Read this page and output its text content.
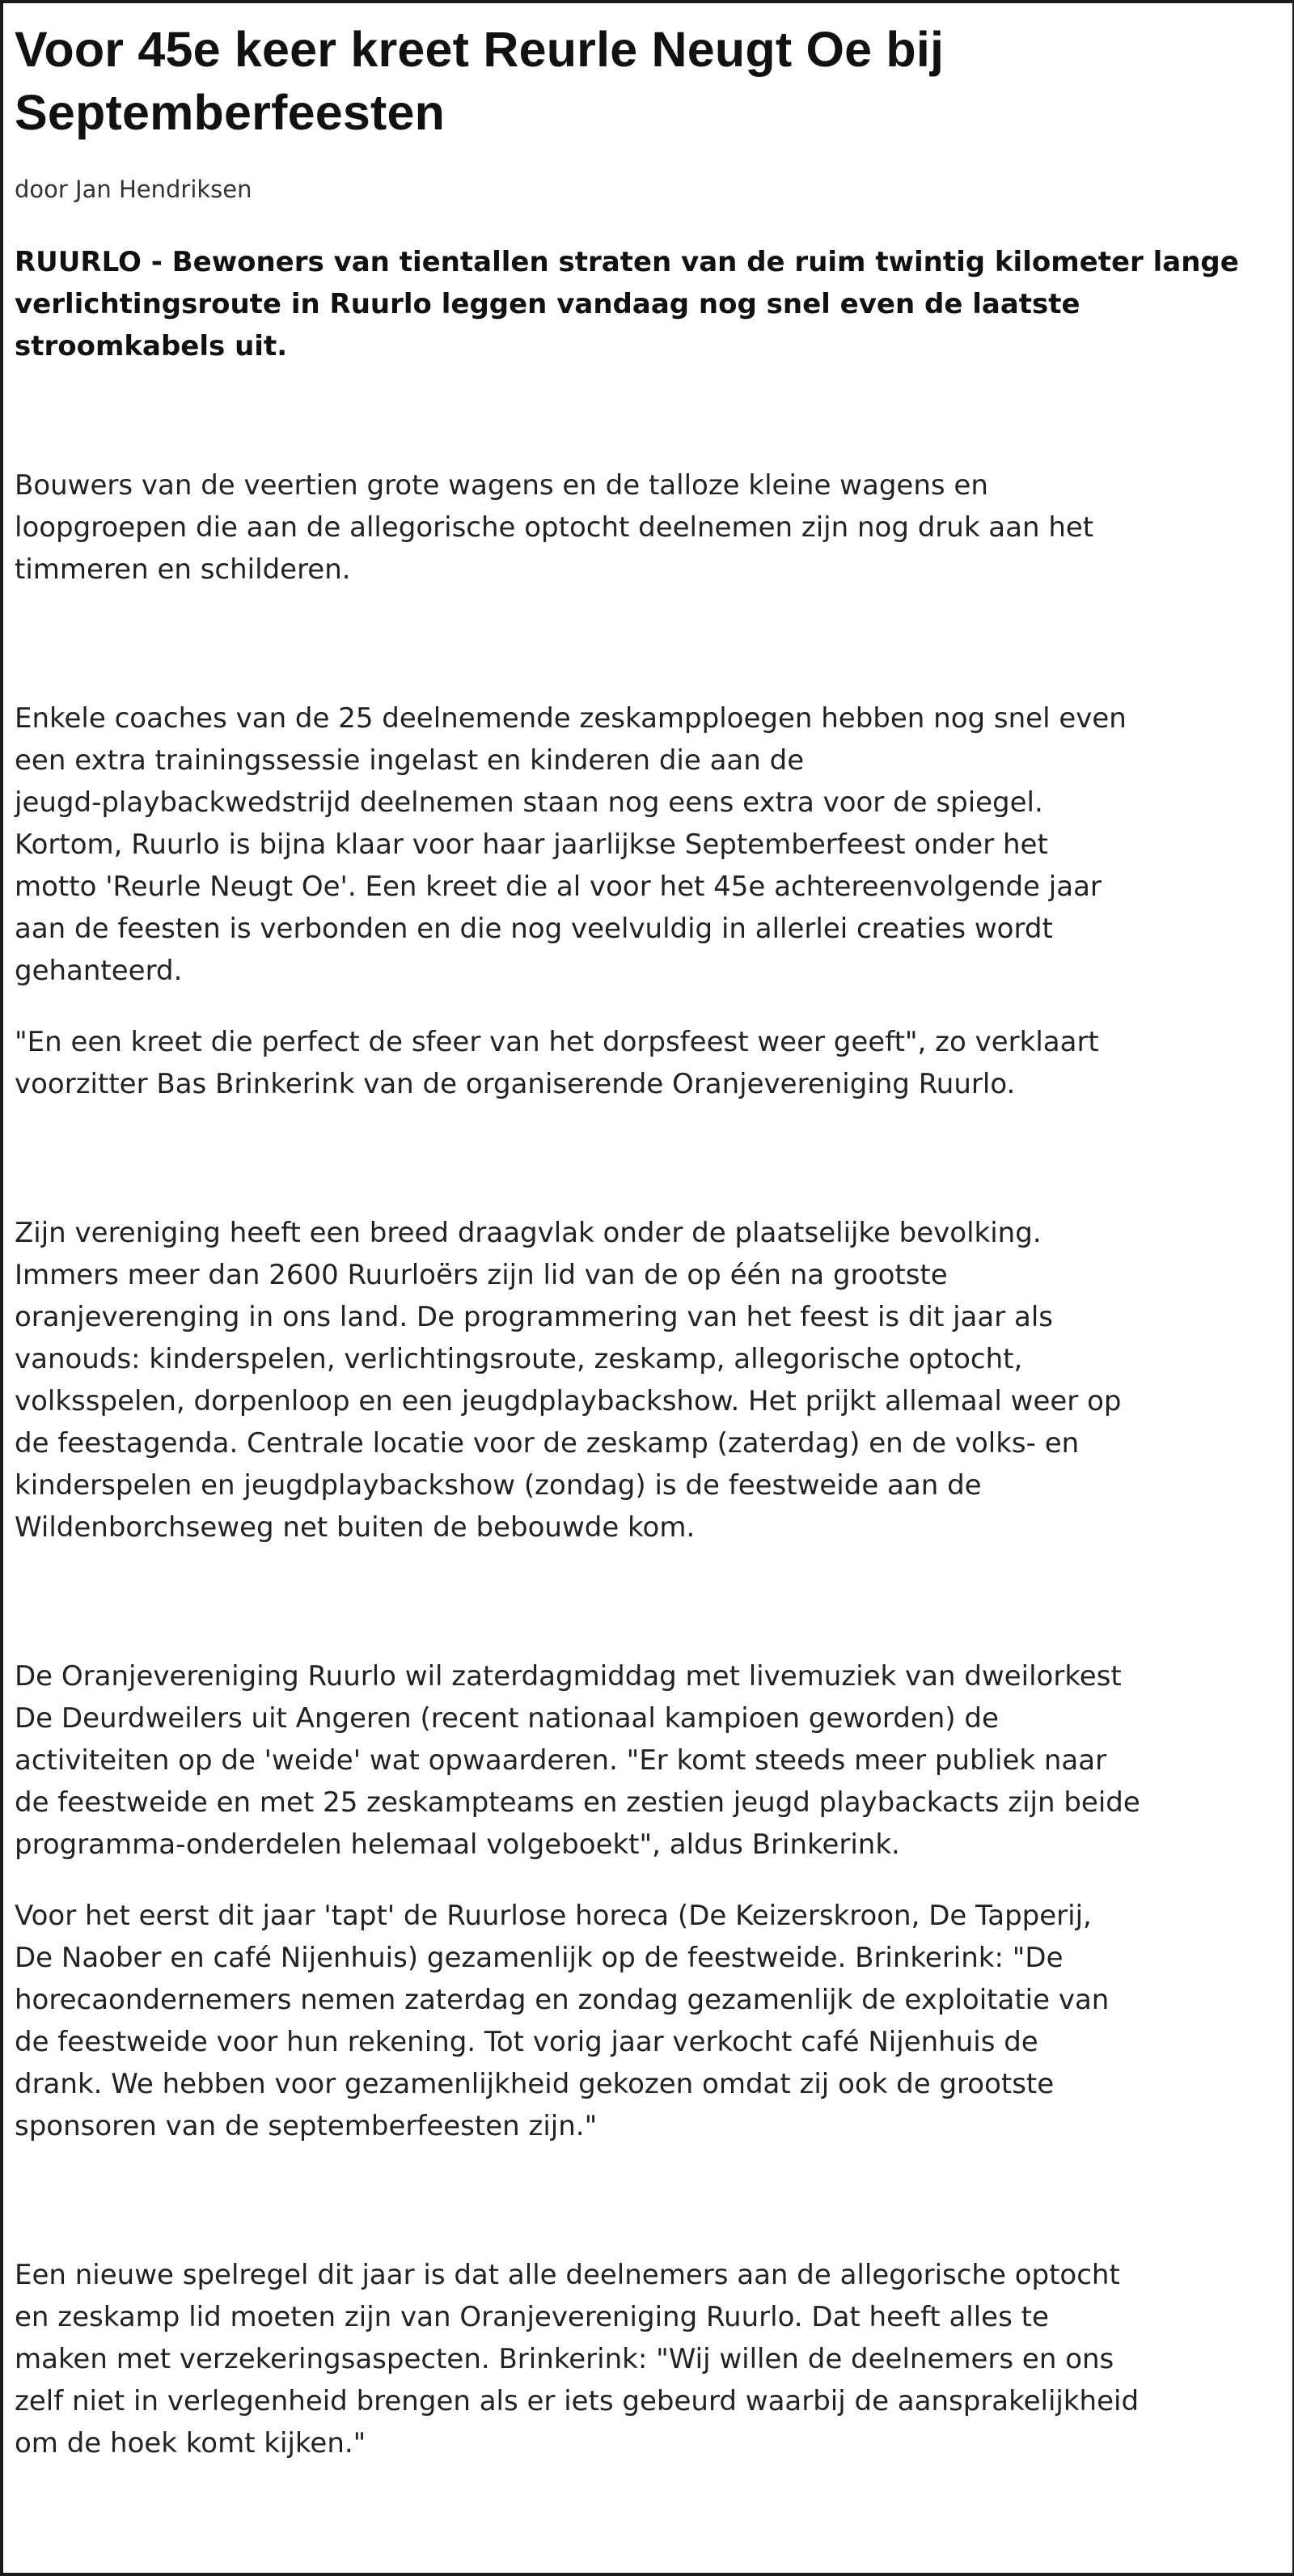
Voor 45e keer kreet Reurle Neugt Oe bij Septemberfeesten
door Jan Hendriksen
RUURLO - Bewoners van tientallen straten van de ruim twintig kilometer lange verlichtingsroute in Ruurlo leggen vandaag nog snel even de laatste stroomkabels uit.
Bouwers van de veertien grote wagens en de talloze kleine wagens en
loopgroepen die aan de allegorische optocht deelnemen zijn nog druk aan het
timmeren en schilderen.
Enkele coaches van de 25 deelnemende zeskampploegen hebben nog snel even
een extra trainingssessie ingelast en kinderen die aan de
jeugd-playbackwedstrijd deelnemen staan nog eens extra voor de spiegel.
Kortom, Ruurlo is bijna klaar voor haar jaarlijkse Septemberfeest onder het
motto 'Reurle Neugt Oe'. Een kreet die al voor het 45e achtereenvolgende jaar
aan de feesten is verbonden en die nog veelvuldig in allerlei creaties wordt
gehanteerd.
"En een kreet die perfect de sfeer van het dorpsfeest weer geeft", zo verklaart
voorzitter Bas Brinkerink van de organiserende Oranjevereniging Ruurlo.
Zijn vereniging heeft een breed draagvlak onder de plaatselijke bevolking.
Immers meer dan 2600 Ruurloërs zijn lid van de op één na grootste
oranjeverenging in ons land. De programmering van het feest is dit jaar als
vanouds: kinderspelen, verlichtingsroute, zeskamp, allegorische optocht,
volksspelen, dorpenloop en een jeugdplaybackshow. Het prijkt allemaal weer op
de feestagenda. Centrale locatie voor de zeskamp (zaterdag) en de volks- en
kinderspelen en jeugdplaybackshow (zondag) is de feestweide aan de
Wildenborchseweg net buiten de bebouwde kom.
De Oranjevereniging Ruurlo wil zaterdagmiddag met livemuziek van dweilorkest
De Deurdweilers uit Angeren (recent nationaal kampioen geworden) de
activiteiten op de 'weide' wat opwaarderen. "Er komt steeds meer publiek naar
de feestweide en met 25 zeskampteams en zestien jeugd playbackacts zijn beide
programma-onderdelen helemaal volgeboekt", aldus Brinkerink.
Voor het eerst dit jaar 'tapt' de Ruurlose horeca (De Keizerskroon, De Tapperij,
De Naober en café Nijenhuis) gezamenlijk op de feestweide. Brinkerink: "De
horecaondernemers nemen zaterdag en zondag gezamenlijk de exploitatie van
de feestweide voor hun rekening. Tot vorig jaar verkocht café Nijenhuis de
drank. We hebben voor gezamenlijkheid gekozen omdat zij ook de grootste
sponsoren van de septemberfeesten zijn."
Een nieuwe spelregel dit jaar is dat alle deelnemers aan de allegorische optocht
en zeskamp lid moeten zijn van Oranjevereniging Ruurlo. Dat heeft alles te
maken met verzekeringsaspecten. Brinkerink: "Wij willen de deelnemers en ons
zelf niet in verlegenheid brengen als er iets gebeurd waarbij de aansprakelijkheid
om de hoek komt kijken."
